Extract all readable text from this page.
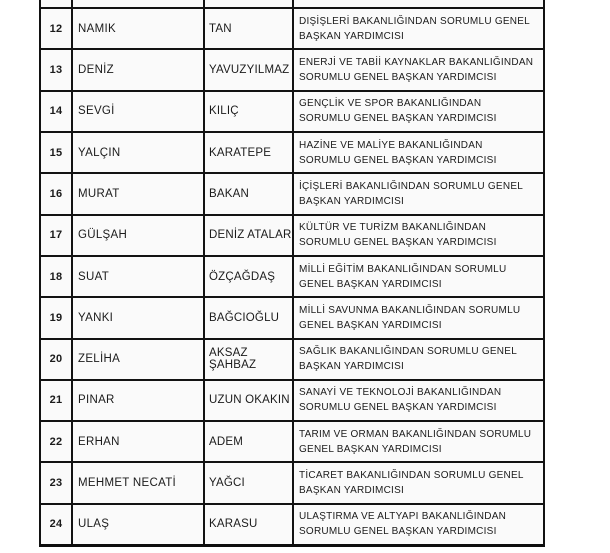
12	NAMIK	TAN
DIŞİŞLERİ BAKANLIĞINDAN SORUMLU GENEL BAŞKAN YARDIMCISI
13	DENİZ	YAVUZYILMAZ
ENERJİ VE TABİİ KAYNAKLAR BAKANLIĞINDAN SORUMLU GENEL BAŞKAN YARDIMCISI
14	SEVGİ	KILIÇ
GENÇLİK VE SPOR BAKANLIĞINDAN SORUMLU GENEL BAŞKAN YARDIMCISI
15	YALÇIN	KARATEPE
HAZİNE VE MALİYE BAKANLIĞINDAN SORUMLU GENEL BAŞKAN YARDIMCISI
16	MURAT	BAKAN
İÇİŞLERİ BAKANLIĞINDAN SORUMLU GENEL BAŞKAN YARDIMCISI
17	GÜLŞAH	DENİZ ATALAR
KÜLTÜR VE TURİZM BAKANLIĞINDAN SORUMLU GENEL BAŞKAN YARDIMCISI
18	SUAT	ÖZÇAĞDAŞ
MİLLİ EĞİTİM BAKANLIĞINDAN SORUMLU GENEL BAŞKAN YARDIMCISI
19	YANKI	BAĞCIOĞLU
MİLLİ SAVUNMA BAKANLIĞINDAN SORUMLU GENEL BAŞKAN YARDIMCISI
20	ZELİHA	AKSAZ ŞAHBAZ
SAĞLIK BAKANLIĞINDAN SORUMLU GENEL BAŞKAN YARDIMCISI
21	PINAR	UZUN OKAKIN
SANAYİ VE TEKNOLOJİ BAKANLIĞINDAN SORUMLU GENEL BAŞKAN YARDIMCISI
22	ERHAN	ADEM
TARIM VE ORMAN BAKANLIĞINDAN SORUMLU GENEL BAŞKAN YARDIMCISI
23	MEHMET NECATİ	YAĞCI
TİCARET BAKANLIĞINDAN SORUMLU GENEL BAŞKAN YARDIMCISI
24	ULAŞ	KARASU
ULAŞTIRMA VE ALTYAPI BAKANLIĞINDAN SORUMLU GENEL BAŞKAN YARDIMCISI
